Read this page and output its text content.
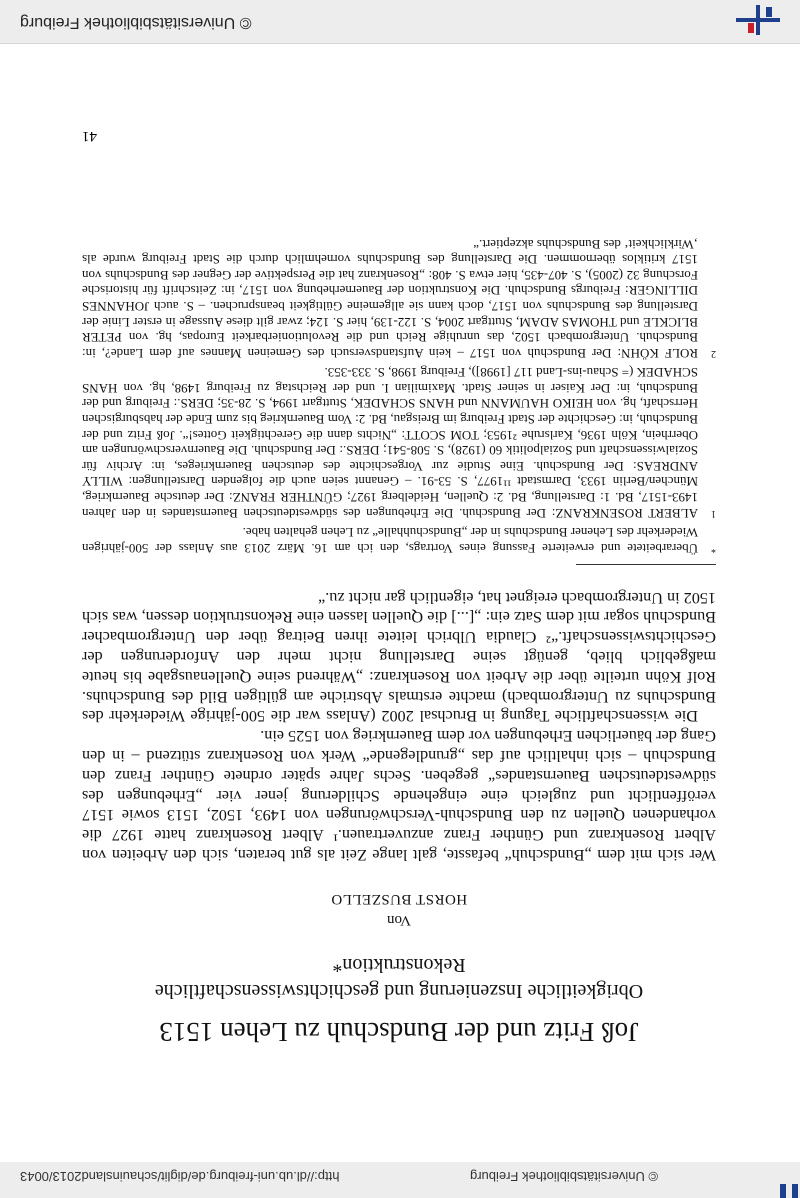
http://dl.ub.uni-freiburg.de/diglit/schauinsland2013/0043	© Universitätsbibliothek Freiburg
Joß Fritz und der Bundschuh zu Lehen 1513
Obrigkeitliche Inszenierung und geschichtswissenschaftliche
Rekonstruktion*
Von
HORST BUSZELLO

Wer sich mit dem „Bundschuh“ befasste, galt lange Zeit als gut beraten, sich den Arbeiten von Albert Rosenkranz und Günther Franz anzuvertrauen.¹ Albert Rosenkranz hatte 1927 die vorhandenen Quellen zu den Bundschuh-Verschwörungen von 1493, 1502, 1513 sowie 1517 veröffentlicht und zugleich eine eingehende Schilderung jener vier „Erhebungen des südwestdeutschen Bauernstandes“ gegeben. Sechs Jahre später ordnete Günther Franz den Bundschuh – sich inhaltlich auf das „grundlegende“ Werk von Rosenkranz stützend – in den Gang der bäuerlichen Erhebungen vor dem Bauernkrieg von 1525 ein.

Die wissenschaftliche Tagung in Bruchsal 2002 (Anlass war die 500-jährige Wiederkehr des Bundschuhs zu Untergrombach) machte erstmals Abstriche am gültigen Bild des Bundschuhs. Rolf Köhn urteilte über die Arbeit von Rosenkranz: „Während seine Quellenausgabe bis heute maßgeblich blieb, genügt seine Darstellung nicht mehr den Anforderungen der Geschichtswissenschaft.“² Claudia Ulbrich leitete ihren Beitrag über den Untergrombacher Bundschuh sogar mit dem Satz ein: „[...] die Quellen lassen eine Rekonstruktion dessen, was sich 1502 in Untergrombach ereignet hat, eigentlich gar nicht zu.“

*
Überarbeitete und erweiterte Fassung eines Vortrags, den ich am 16. März 2013 aus Anlass der 500-jährigen Wiederkehr des Lehener Bundschuhs in der „Bundschuhhalle“ zu Lehen gehalten habe.
1
ALBERT ROSENKRANZ: Der Bundschuh. Die Erhebungen des südwestdeutschen Bauernstandes in den Jahren 1493-1517, Bd. 1: Darstellung, Bd. 2: Quellen, Heidelberg 1927; GÜNTHER FRANZ: Der deutsche Bauernkrieg, München/Berlin 1933, Darmstadt ¹¹1977, S. 53-91. – Genannt seien auch die folgenden Darstellungen: WILLY ANDREAS: Der Bundschuh. Eine Studie zur Vorgeschichte des deutschen Bauernkrieges, in: Archiv für Sozialwissenschaft und Sozialpolitik 60 (1928), S. 508-541; DERS.: Der Bundschuh. Die Bauernverschwörungen am Oberrhein, Köln 1936, Karlsruhe ²1953; TOM SCOTT: „Nichts dann die Gerechtigkeit Gottes!“. Joß Fritz und der Bundschuh, in: Geschichte der Stadt Freiburg im Breisgau, Bd. 2: Vom Bauernkrieg bis zum Ende der habsburgischen Herrschaft, hg. von HEIKO HAUMANN und HANS SCHADEK, Stuttgart 1994, S. 28-35; DERS.: Freiburg und der Bundschuh, in: Der Kaiser in seiner Stadt. Maximilian I. und der Reichstag zu Freiburg 1498, hg. von HANS SCHADEK (= Schau-ins-Land 117 [1998]), Freiburg 1998, S. 333-353.
2
ROLF KÖHN: Der Bundschuh von 1517 – kein Aufstandsversuch des Gemeinen Mannes auf dem Lande?, in: Bundschuh. Untergrombach 1502, das unruhige Reich und die Revolutionierbarkeit Europas, hg. von PETER BLICKLE und THOMAS ADAM, Stuttgart 2004, S. 122-139, hier S. 124; zwar gilt diese Aussage in erster Linie der Darstellung des Bundschuhs von 1517, doch kann sie allgemeine Gültigkeit beanspruchen. – S. auch JOHANNES DILLINGER: Freiburgs Bundschuh. Die Konstruktion der Bauernerhebung von 1517, in: Zeitschrift für historische Forschung 32 (2005), S. 407-435, hier etwa S. 408: „Rosenkranz hat die Perspektive der Gegner des Bundschuhs von 1517 kritiklos übernommen. Die Darstellung des Bundschuhs vornehmlich durch die Stadt Freiburg wurde als ‚Wirklichkeit‘ des Bundschuhs akzeptiert.“
41
© Universitätsbibliothek Freiburg
